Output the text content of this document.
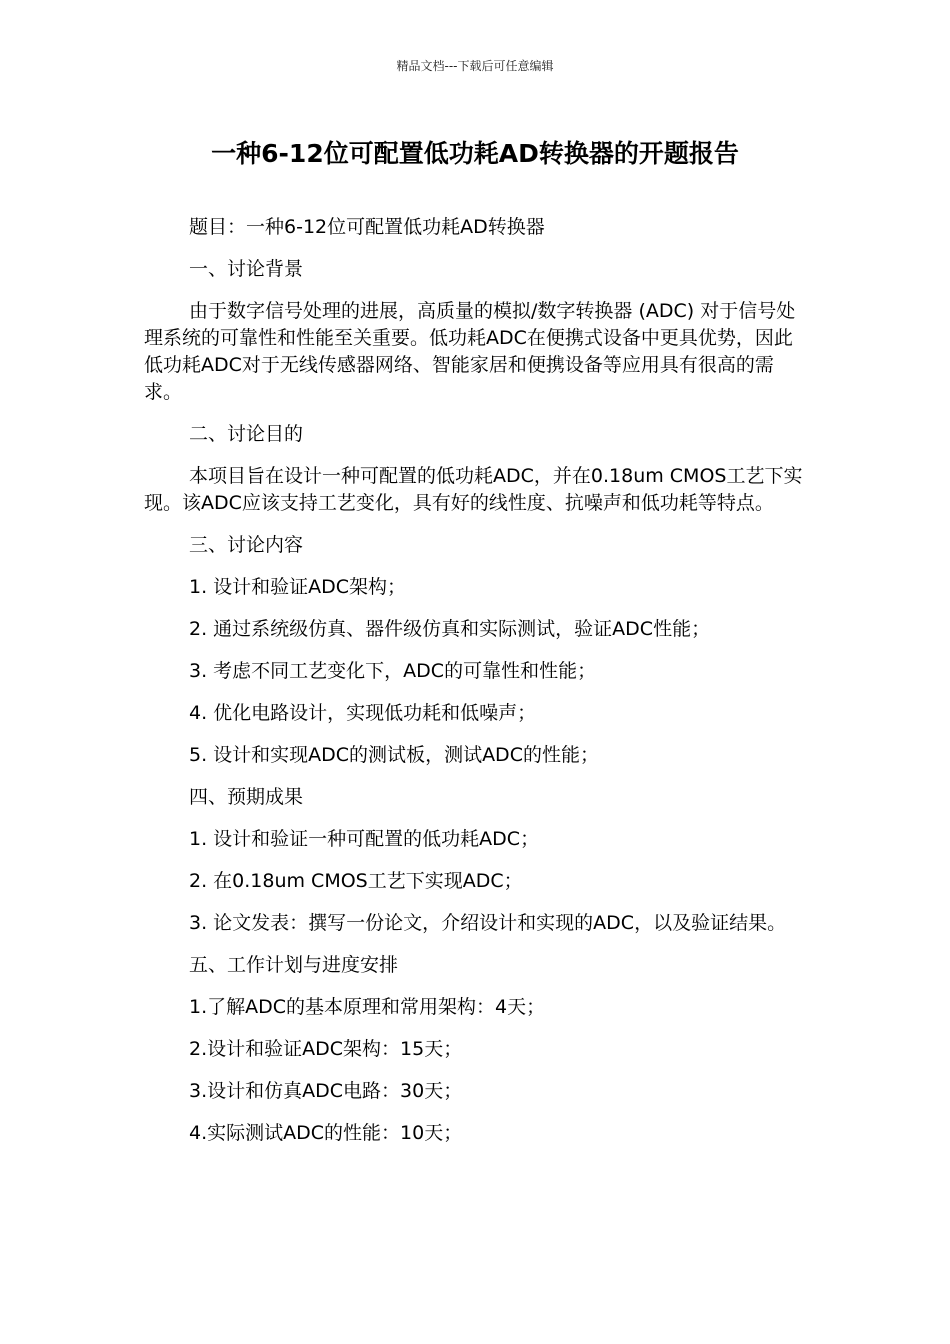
精品文档---下载后可任意编辑
一种6-12位可配置低功耗AD转换器的开题报告

题目：一种6-12位可配置低功耗AD转换器

一、讨论背景

由于数字信号处理的进展，高质量的模拟/数字转换器 (ADC) 对于信号处理系统的可靠性和性能至关重要。低功耗ADC在便携式设备中更具优势，因此低功耗ADC对于无线传感器网络、智能家居和便携设备等应用具有很高的需求。

二、讨论目的

本项目旨在设计一种可配置的低功耗ADC，并在0.18um CMOS工艺下实现。该ADC应该支持工艺变化，具有好的线性度、抗噪声和低功耗等特点。

三、讨论内容

1. 设计和验证ADC架构；

2. 通过系统级仿真、器件级仿真和实际测试，验证ADC性能；

3. 考虑不同工艺变化下，ADC的可靠性和性能；

4. 优化电路设计，实现低功耗和低噪声；

5. 设计和实现ADC的测试板，测试ADC的性能；

四、预期成果

1. 设计和验证一种可配置的低功耗ADC；

2. 在0.18um CMOS工艺下实现ADC；

3. 论文发表：撰写一份论文，介绍设计和实现的ADC，以及验证结果。

五、工作计划与进度安排

1.了解ADC的基本原理和常用架构：4天；

2.设计和验证ADC架构：15天；

3.设计和仿真ADC电路：30天；

4.实际测试ADC的性能：10天；
